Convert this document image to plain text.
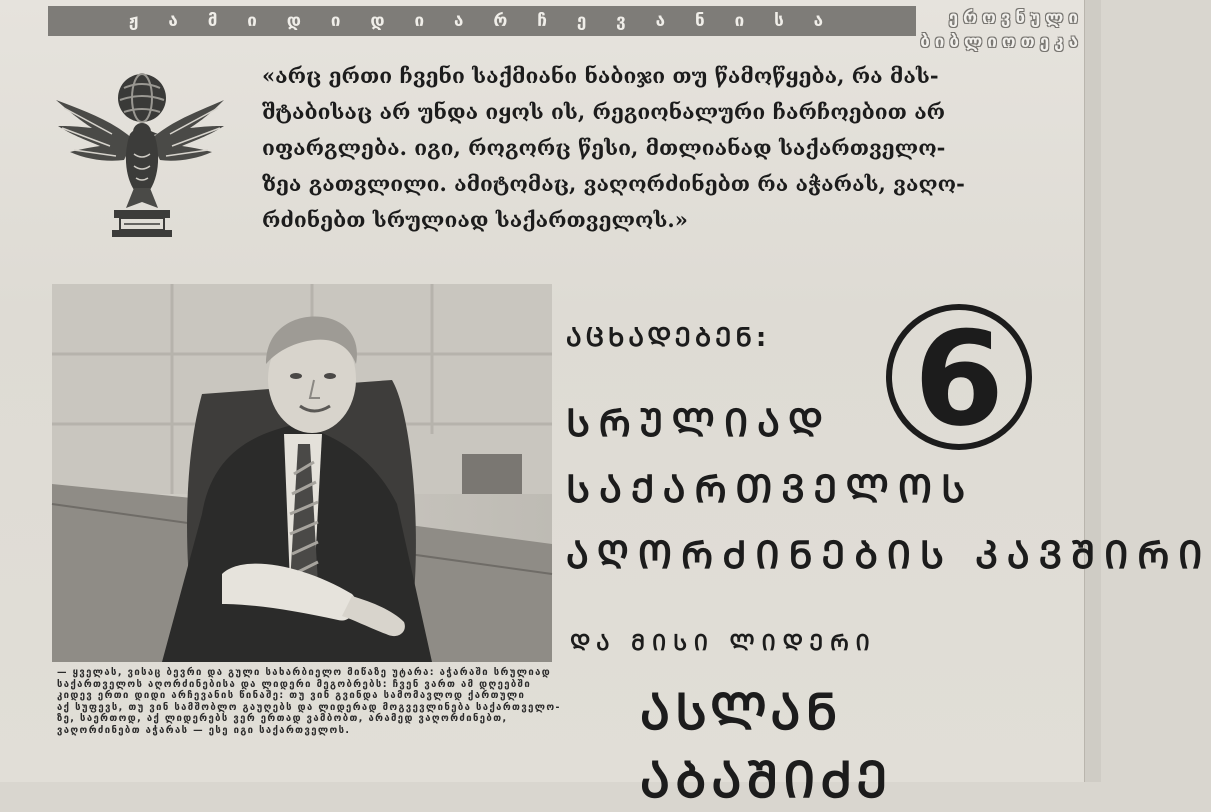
ჟ ა მ ი დ ი დ ი ა რ ჩ ე ვ ა ნ ი ს ა	ეროვნული
ბიბლიოთეკა

«არც ერთი ჩვენი საქმიანი ნაბიჯი თუ წამოწყება, რა მას-
შტაბისაც არ უნდა იყოს ის, რეგიონალური ჩარჩოებით არ
იფარგლება. იგი, როგორც წესი, მთლიანად საქართველო-
ზეა გათვლილი. ამიტომაც, ვაღორძინებთ რა აჭარას, ვაღო-
რძინებთ სრულიად საქართველოს.»

— ყველას, ვისაც ბევრი და გული სახარბიელო მიწაზე უტარა: აჭარაში სრულიად
საქართველოს აღორძინებისა და ლიდერი მეგობრებს: ჩვენ ვართ ამ დღეებში
კიდევ ერთი დიდი არჩევანის წინაშე: თუ ვინ გვინდა სამომავლოდ ქართული
აქ სუფევს, თუ ვინ სამშობლო გაუღებს და ლიდერად მოგვევლინება საქართველო-
ზე, საერთოდ, აქ ლიდერებს ვერ ერთად ვამბობთ, არამედ ვაღორძინებთ,
ვაღორძინებთ აჭარას — ესე იგი საქართველოს.
ᲐᲪᲮᲐᲓᲔᲑᲔᲜ: 6
ᲡᲠᲣᲚᲘᲐᲓ
ᲡᲐᲥᲐᲠᲗᲕᲔᲚᲝᲡ
ᲐᲦᲝᲠᲫᲘᲜᲔᲑᲘᲡ ᲙᲐᲕᲨᲘᲠᲘ
ᲓᲐ ᲛᲘᲡᲘ ᲚᲘᲓᲔᲠᲘ
ᲐᲡᲚᲐᲜ ᲐᲑᲐᲨᲘᲫᲔ
